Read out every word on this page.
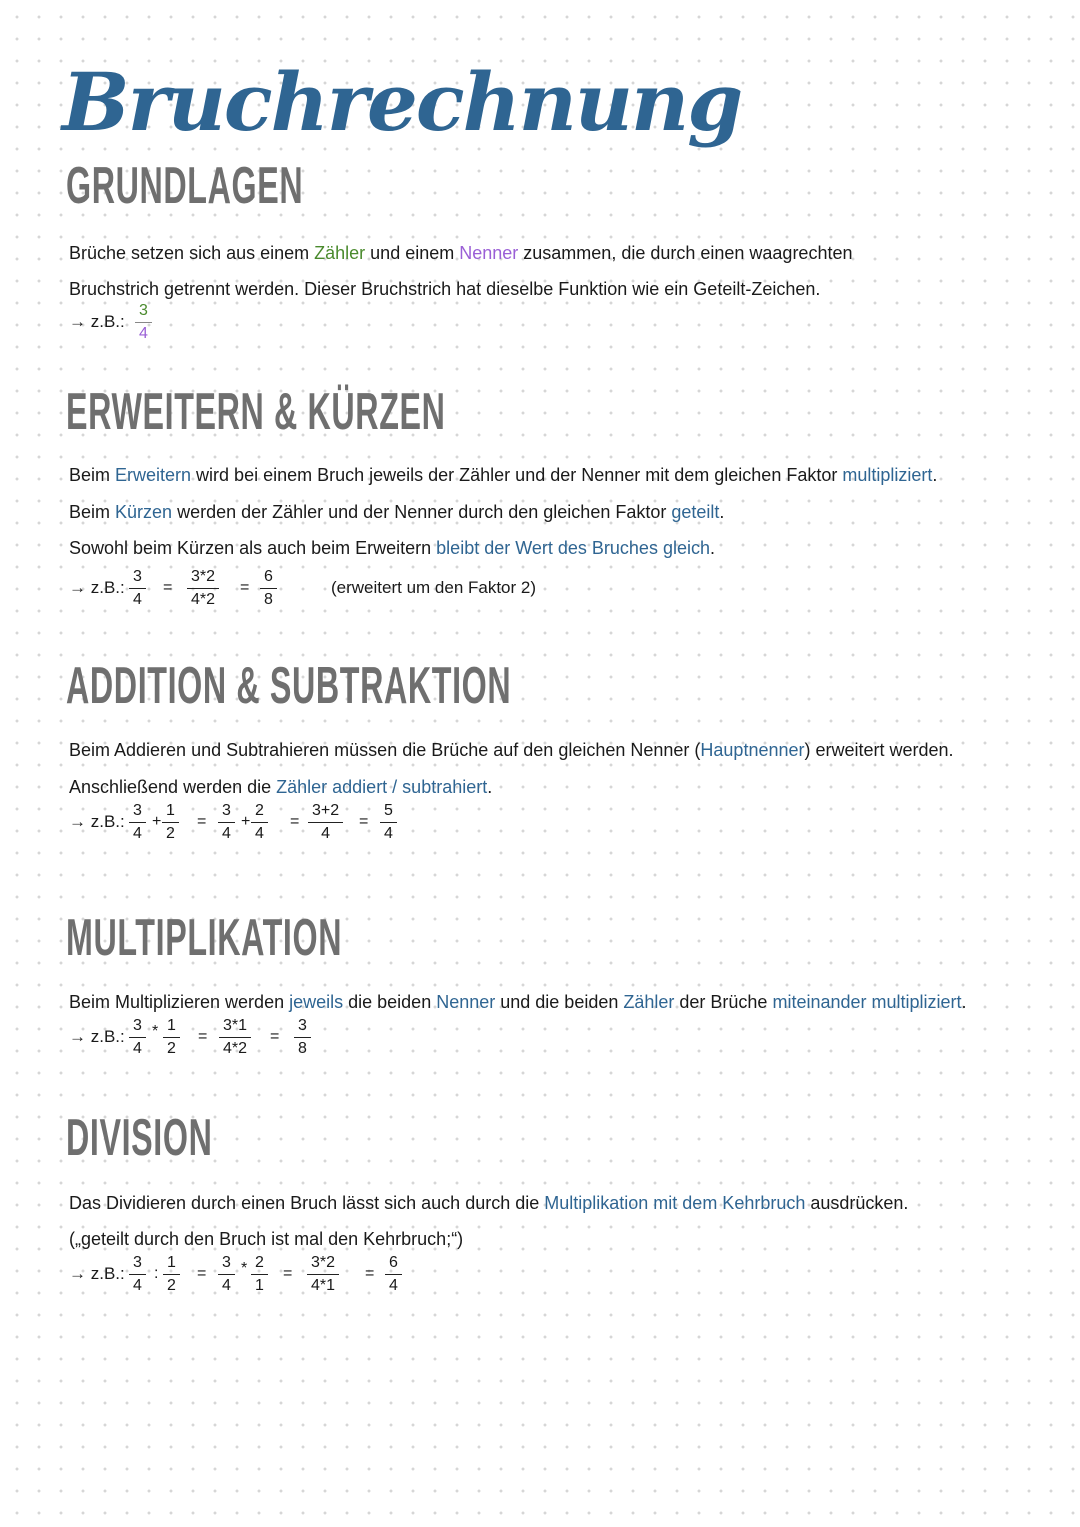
Bruchrechnung
GRUNDLAGEN

Brüche setzen sich aus einem Zähler und einem Nenner zusammen, die durch einen waagrechten

Bruchstrich getrennt werden. Dieser Bruchstrich hat dieselbe Funktion wie ein Geteilt-Zeichen.

→ z.B.: $\frac{3}{4}$
ERWEITERN & KÜRZEN

Beim Erweitern wird bei einem Bruch jeweils der Zähler und der Nenner mit dem gleichen Faktor multipliziert.

Beim Kürzen werden der Zähler und der Nenner durch den gleichen Faktor geteilt.

Sowohl beim Kürzen als auch beim Erweitern bleibt der Wert des Bruches gleich.

→ z.B.: $\frac{3}{4} = \frac{3*2}{4*2} = \frac{6}{8}$	(erweitert um den Faktor 2)
ADDITION & SUBTRAKTION

Beim Addieren und Subtrahieren müssen die Brüche auf den gleichen Nenner (Hauptnenner) erweitert werden.

Anschließend werden die Zähler addiert / subtrahiert.

→ z.B.: $\frac{3}{4} + \frac{1}{2} = \frac{3}{4} + \frac{2}{4} = \frac{3+2}{4} = \frac{5}{4}$
MULTIPLIKATION

Beim Multiplizieren werden jeweils die beiden Nenner und die beiden Zähler der Brüche miteinander multipliziert.

→ z.B.: $\frac{3}{4} * \frac{1}{2} = \frac{3*1}{4*2} = \frac{3}{8}$
DIVISION

Das Dividieren durch einen Bruch lässt sich auch durch die Multiplikation mit dem Kehrbruch ausdrücken.

(„geteilt durch den Bruch ist mal den Kehrbruch;“)

→ z.B.: $\frac{3}{4}$ : $\frac{1}{2} = \frac{3}{4} * \frac{2}{1} = \frac{3*2}{4*1} = \frac{6}{4}$
